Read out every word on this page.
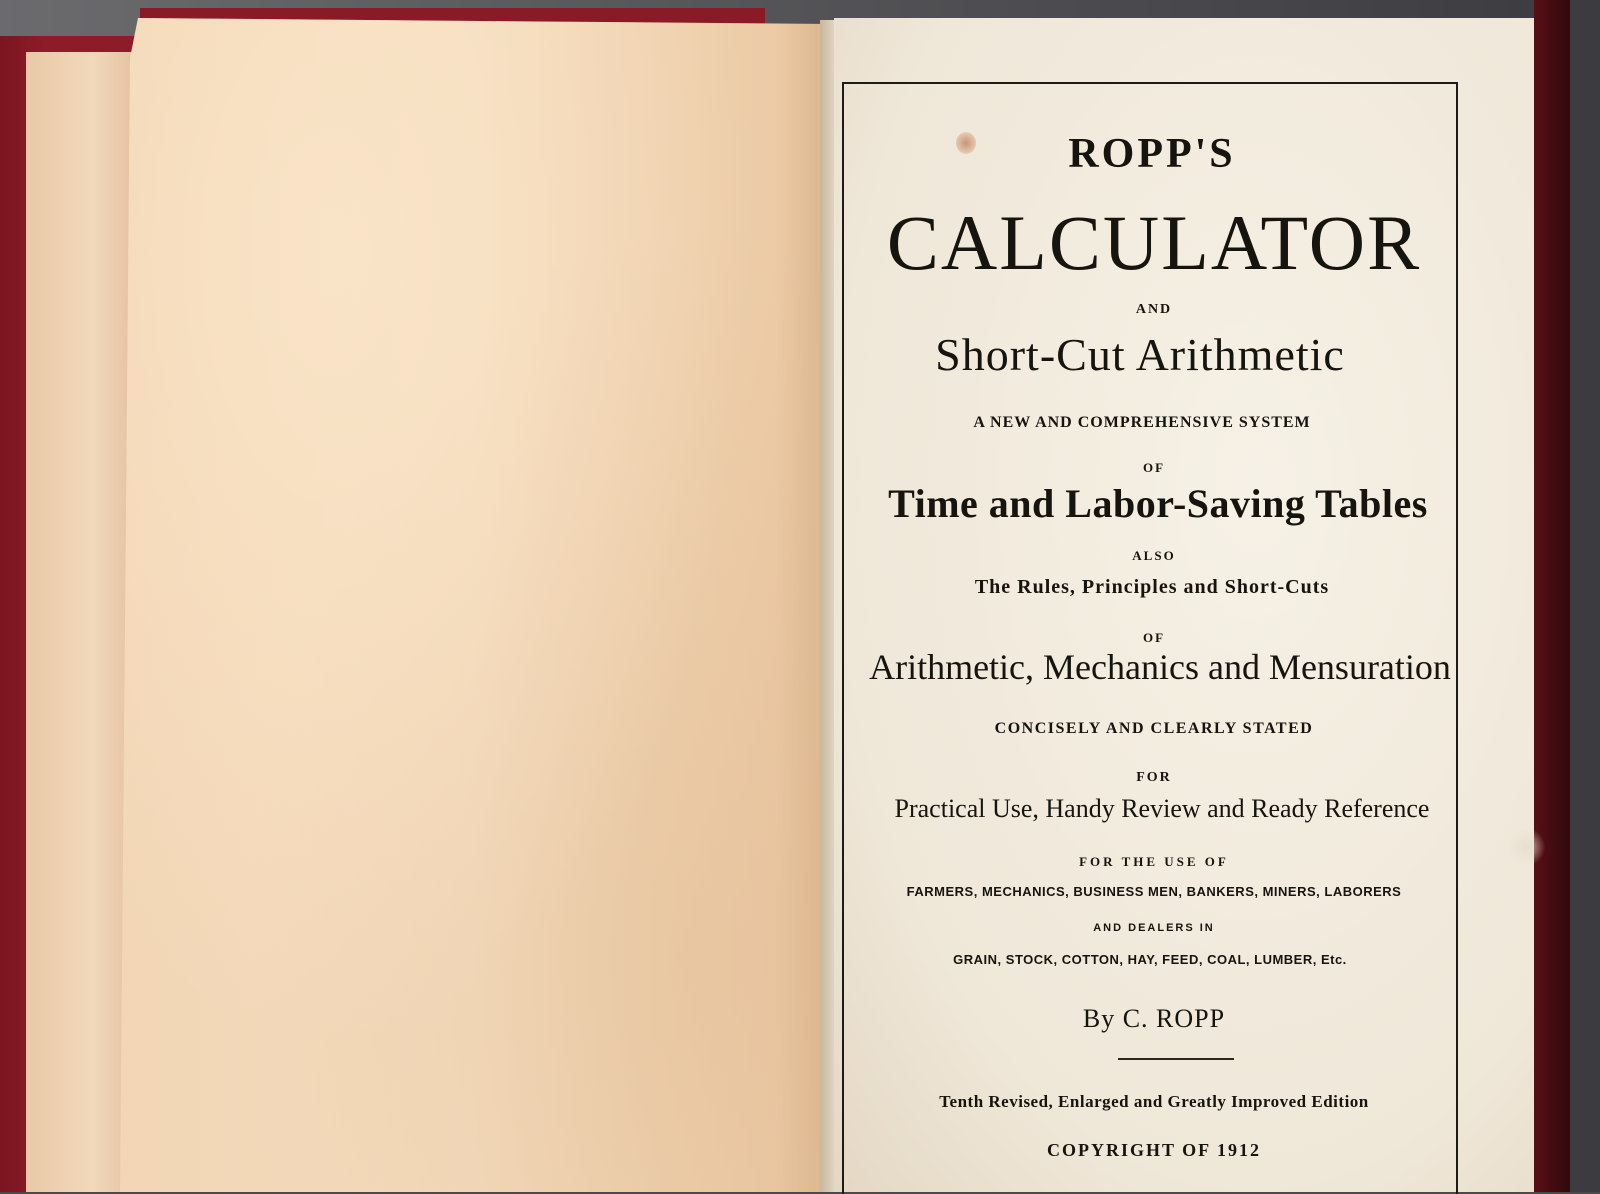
ROPP'S
CALCULATOR
AND
Short-Cut Arithmetic
A NEW AND COMPREHENSIVE SYSTEM
OF
Time and Labor-Saving Tables
ALSO
The Rules, Principles and Short-Cuts
OF
Arithmetic, Mechanics and Mensuration
CONCISELY AND CLEARLY STATED
FOR
Practical Use, Handy Review and Ready Reference
FOR THE USE OF
FARMERS, MECHANICS, BUSINESS MEN, BANKERS, MINERS, LABORERS
AND DEALERS IN
GRAIN, STOCK, COTTON, HAY, FEED, COAL, LUMBER, Etc.
By C. ROPP
Tenth Revised, Enlarged and Greatly Improved Edition
COPYRIGHT OF 1912
